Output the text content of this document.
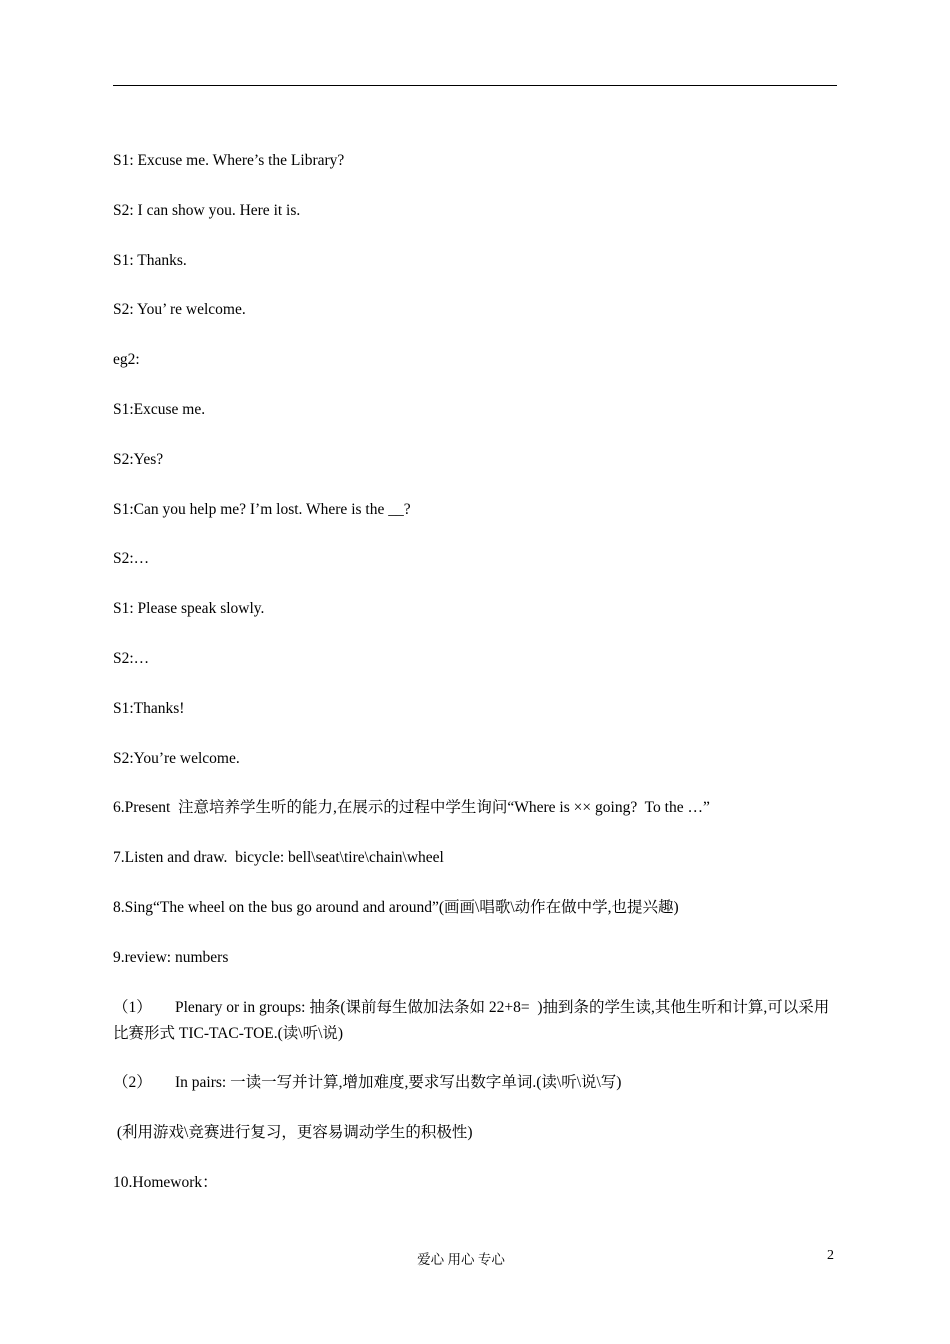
S1: Excuse me. Where’s the Library?

S2: I can show you. Here it is.

S1: Thanks.

S2: You’ re welcome.

eg2:

S1:Excuse me.

S2:Yes?

S1:Can you help me? I’m lost. Where is the __?

S2:…

S1: Please speak slowly.

S2:…

S1:Thanks!

S2:You’re welcome.

6.Present  注意培养学生听的能力,在展示的过程中学生询问“Where is ×× going?  To the …”

7.Listen and draw.  bicycle: bell\seat\tire\chain\wheel

8.Sing“The wheel on the bus go around and around”(画画\唱歌\动作在做中学,也提兴趣)

9.review: numbers

（1）      Plenary or in groups: 抽条(课前每生做加法条如 22+8=  )抽到条的学生读,其他生听和计算,可以采用比赛形式 TIC-TAC-TOE.(读\听\说)

（2）      In pairs: 一读一写并计算,增加难度,要求写出数字单词.(读\听\说\写)

(利用游戏\竞赛进行复习，更容易调动学生的积极性)

10.Homework：

爱心 用心 专心	2
